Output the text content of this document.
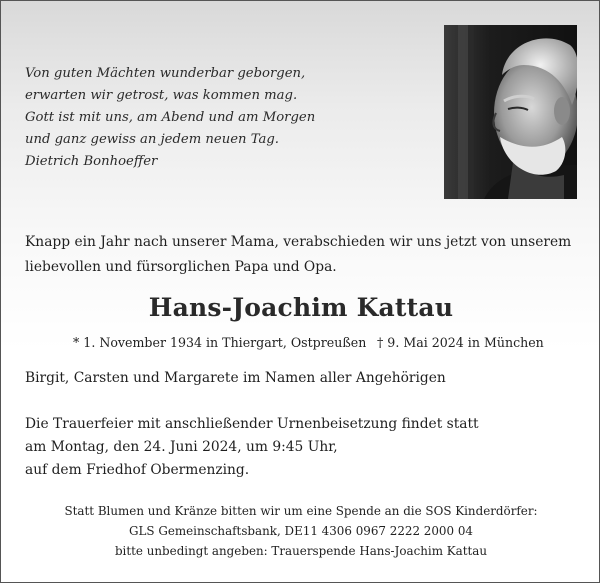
Von guten Mächten wunderbar geborgen,
erwarten wir getrost, was kommen mag.
Gott ist mit uns, am Abend und am Morgen
und ganz gewiss an jedem neuen Tag.
Dietrich Bonhoeffer
Knapp ein Jahr nach unserer Mama, verabschieden wir uns jetzt von unserem
liebevollen und fürsorglichen Papa und Opa.
Hans-Joachim Kattau
* 1. November 1934 in Thiergart, Ostpreußen † 9. Mai 2024 in München
Birgit, Carsten und Margarete im Namen aller Angehörigen
Die Trauerfeier mit anschließender Urnenbeisetzung findet statt
am Montag, den 24. Juni 2024, um 9:45 Uhr,
auf dem Friedhof Obermenzing.
Statt Blumen und Kränze bitten wir um eine Spende an die SOS Kinderdörfer:
GLS Gemeinschaftsbank, DE11 4306 0967 2222 2000 04
bitte unbedingt angeben: Trauerspende Hans-Joachim Kattau
